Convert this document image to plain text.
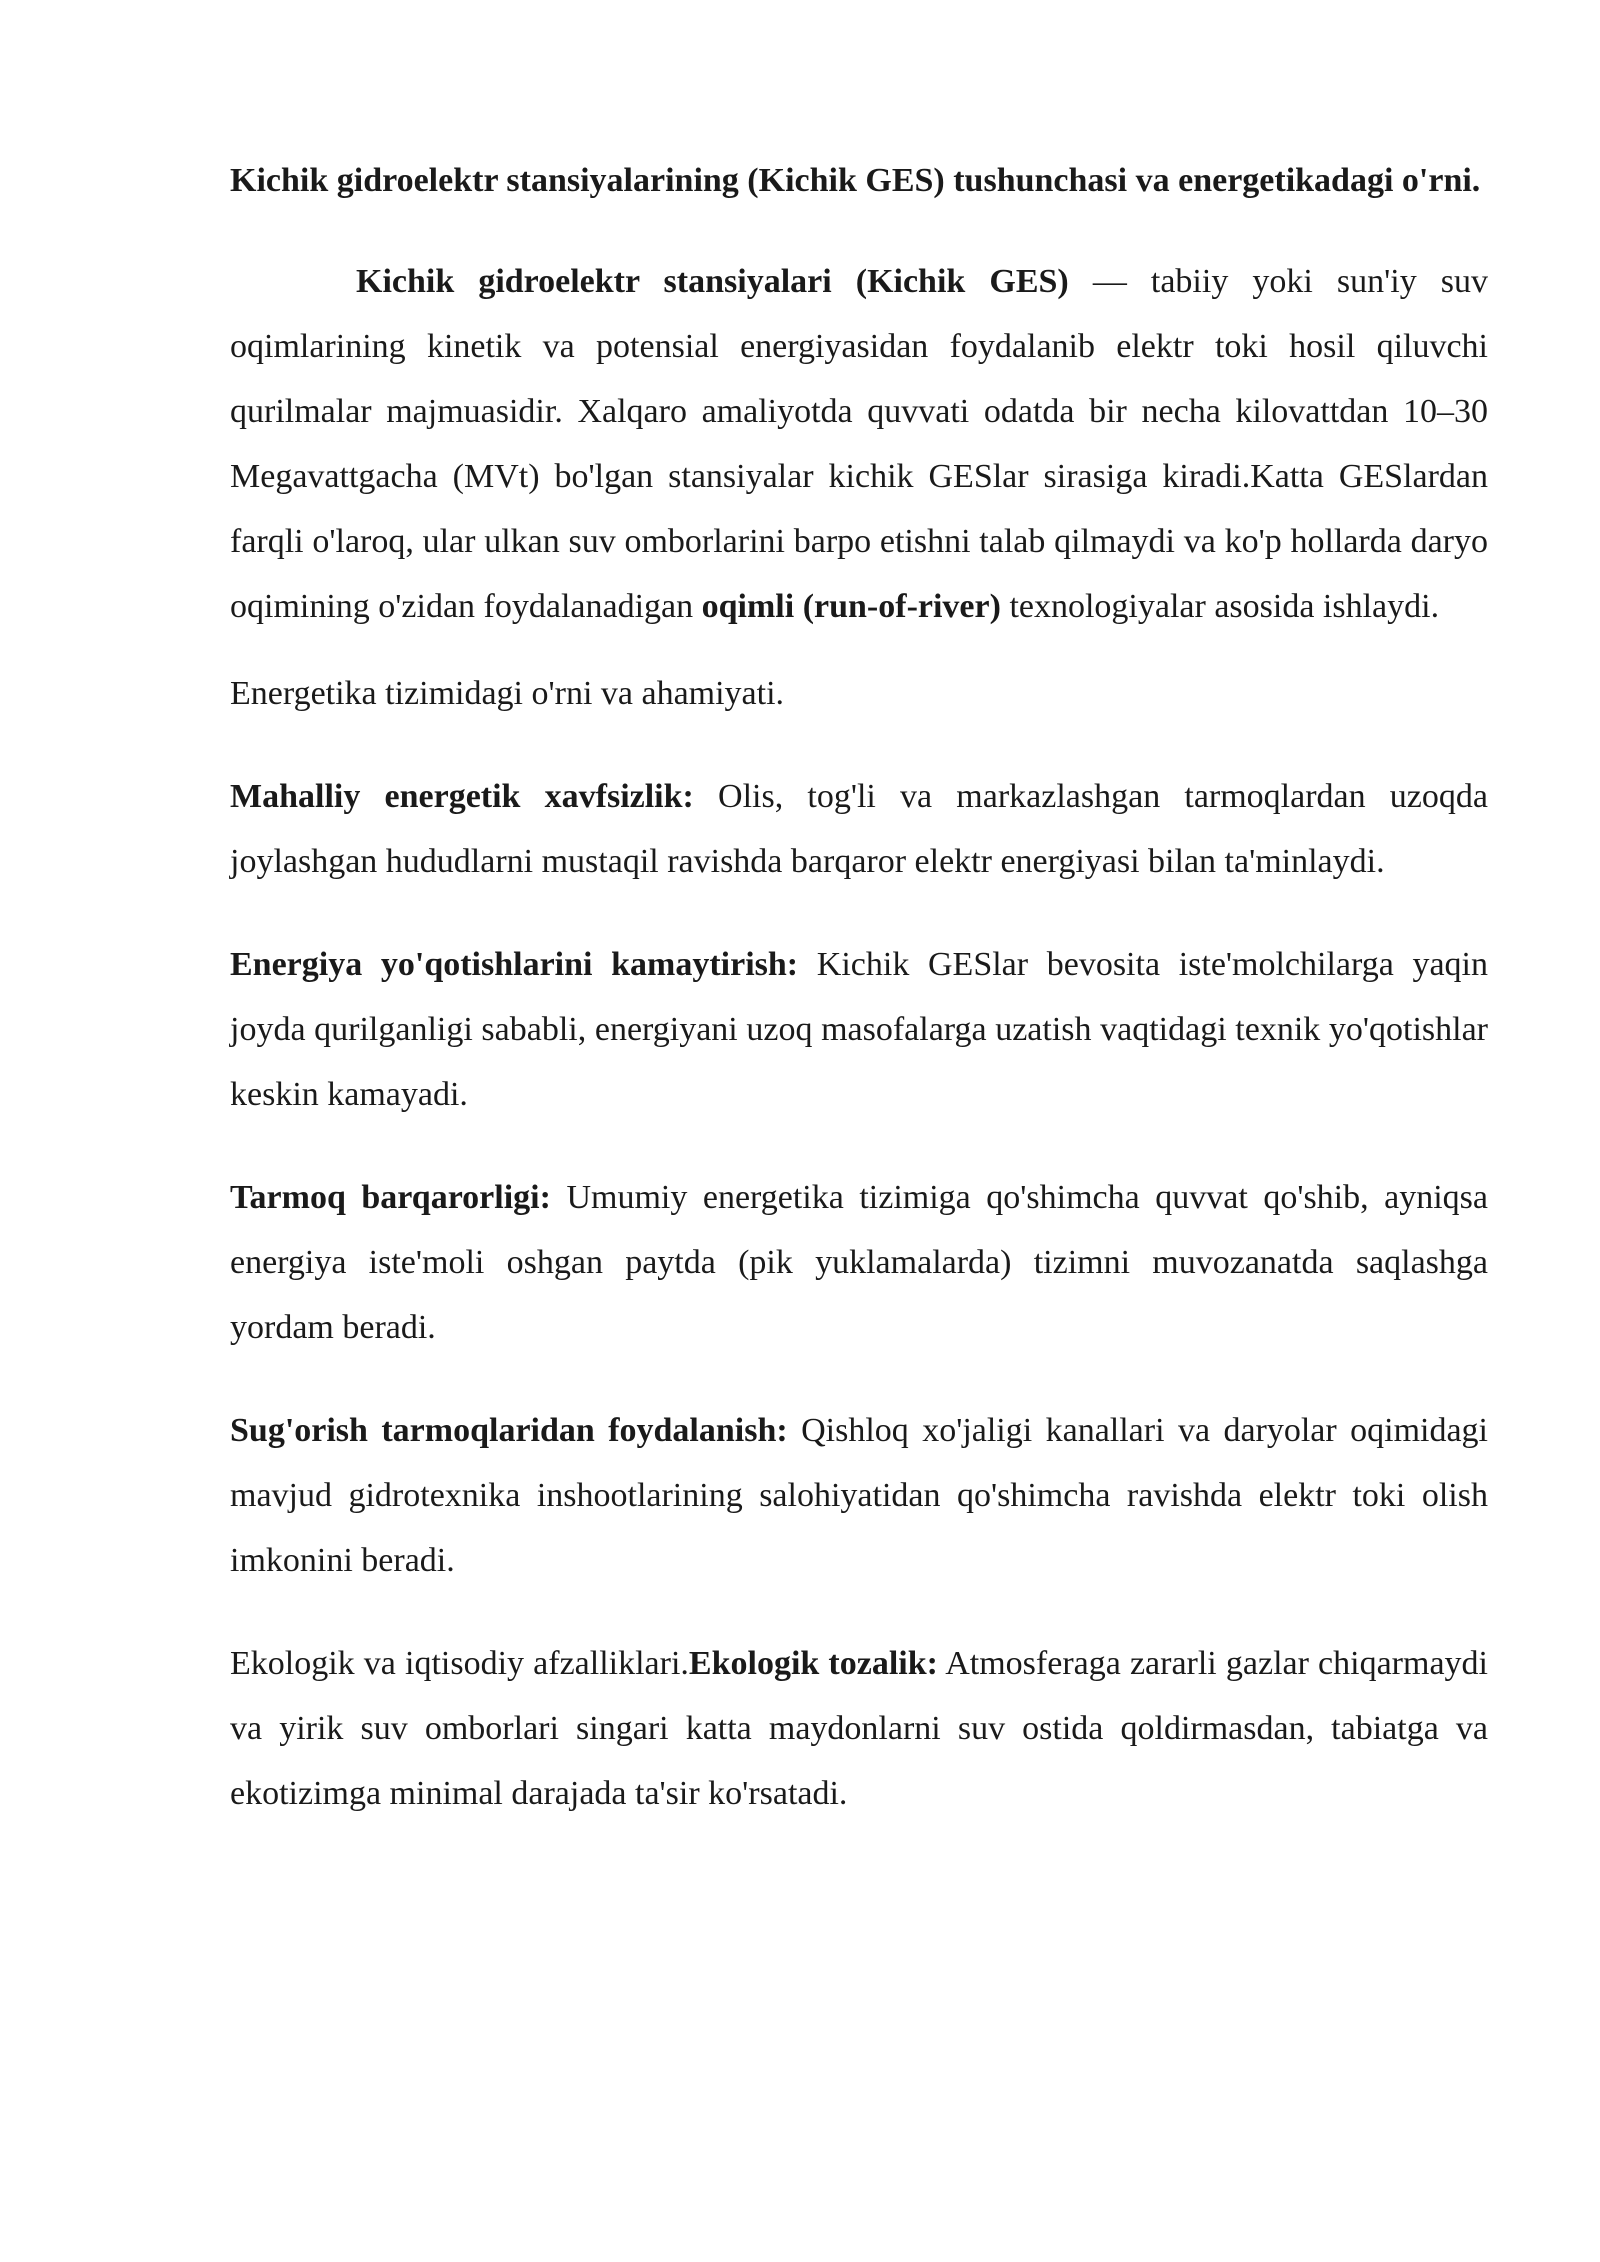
Kichik gidroelektr stansiyalarining (Kichik GES) tushunchasi va energetikadagi o'rni.

Kichik gidroelektr stansiyalari (Kichik GES) — tabiiy yoki sun'iy suv oqimlarining kinetik va potensial energiyasidan foydalanib elektr toki hosil qiluvchi qurilmalar majmuasidir. Xalqaro amaliyotda quvvati odatda bir necha kilovattdan 10–30 Megavattgacha (MVt) bo'lgan stansiyalar kichik GESlar sirasiga kiradi.Katta GESlardan farqli o'laroq, ular ulkan suv omborlarini barpo etishni talab qilmaydi va ko'p hollarda daryo oqimining o'zidan foydalanadigan oqimli (run-of-river) texnologiyalar asosida ishlaydi.

Energetika tizimidagi o'rni va ahamiyati.

Mahalliy energetik xavfsizlik: Olis, tog'li va markazlashgan tarmoqlardan uzoqda joylashgan hududlarni mustaqil ravishda barqaror elektr energiyasi bilan ta'minlaydi.

Energiya yo'qotishlarini kamaytirish: Kichik GESlar bevosita iste'molchilarga yaqin joyda qurilganligi sababli, energiyani uzoq masofalarga uzatish vaqtidagi texnik yo'qotishlar keskin kamayadi.

Tarmoq barqarorligi: Umumiy energetika tizimiga qo'shimcha quvvat qo'shib, ayniqsa energiya iste'moli oshgan paytda (pik yuklamalarda) tizimni muvozanatda saqlashga yordam beradi.

Sug'orish tarmoqlaridan foydalanish: Qishloq xo'jaligi kanallari va daryolar oqimidagi mavjud gidrotexnika inshootlarining salohiyatidan qo'shimcha ravishda elektr toki olish imkonini beradi.

Ekologik va iqtisodiy afzalliklari.Ekologik tozalik: Atmosferaga zararli gazlar chiqarmaydi va yirik suv omborlari singari katta maydonlarni suv ostida qoldirmasdan, tabiatga va ekotizimga minimal darajada ta'sir ko'rsatadi.
